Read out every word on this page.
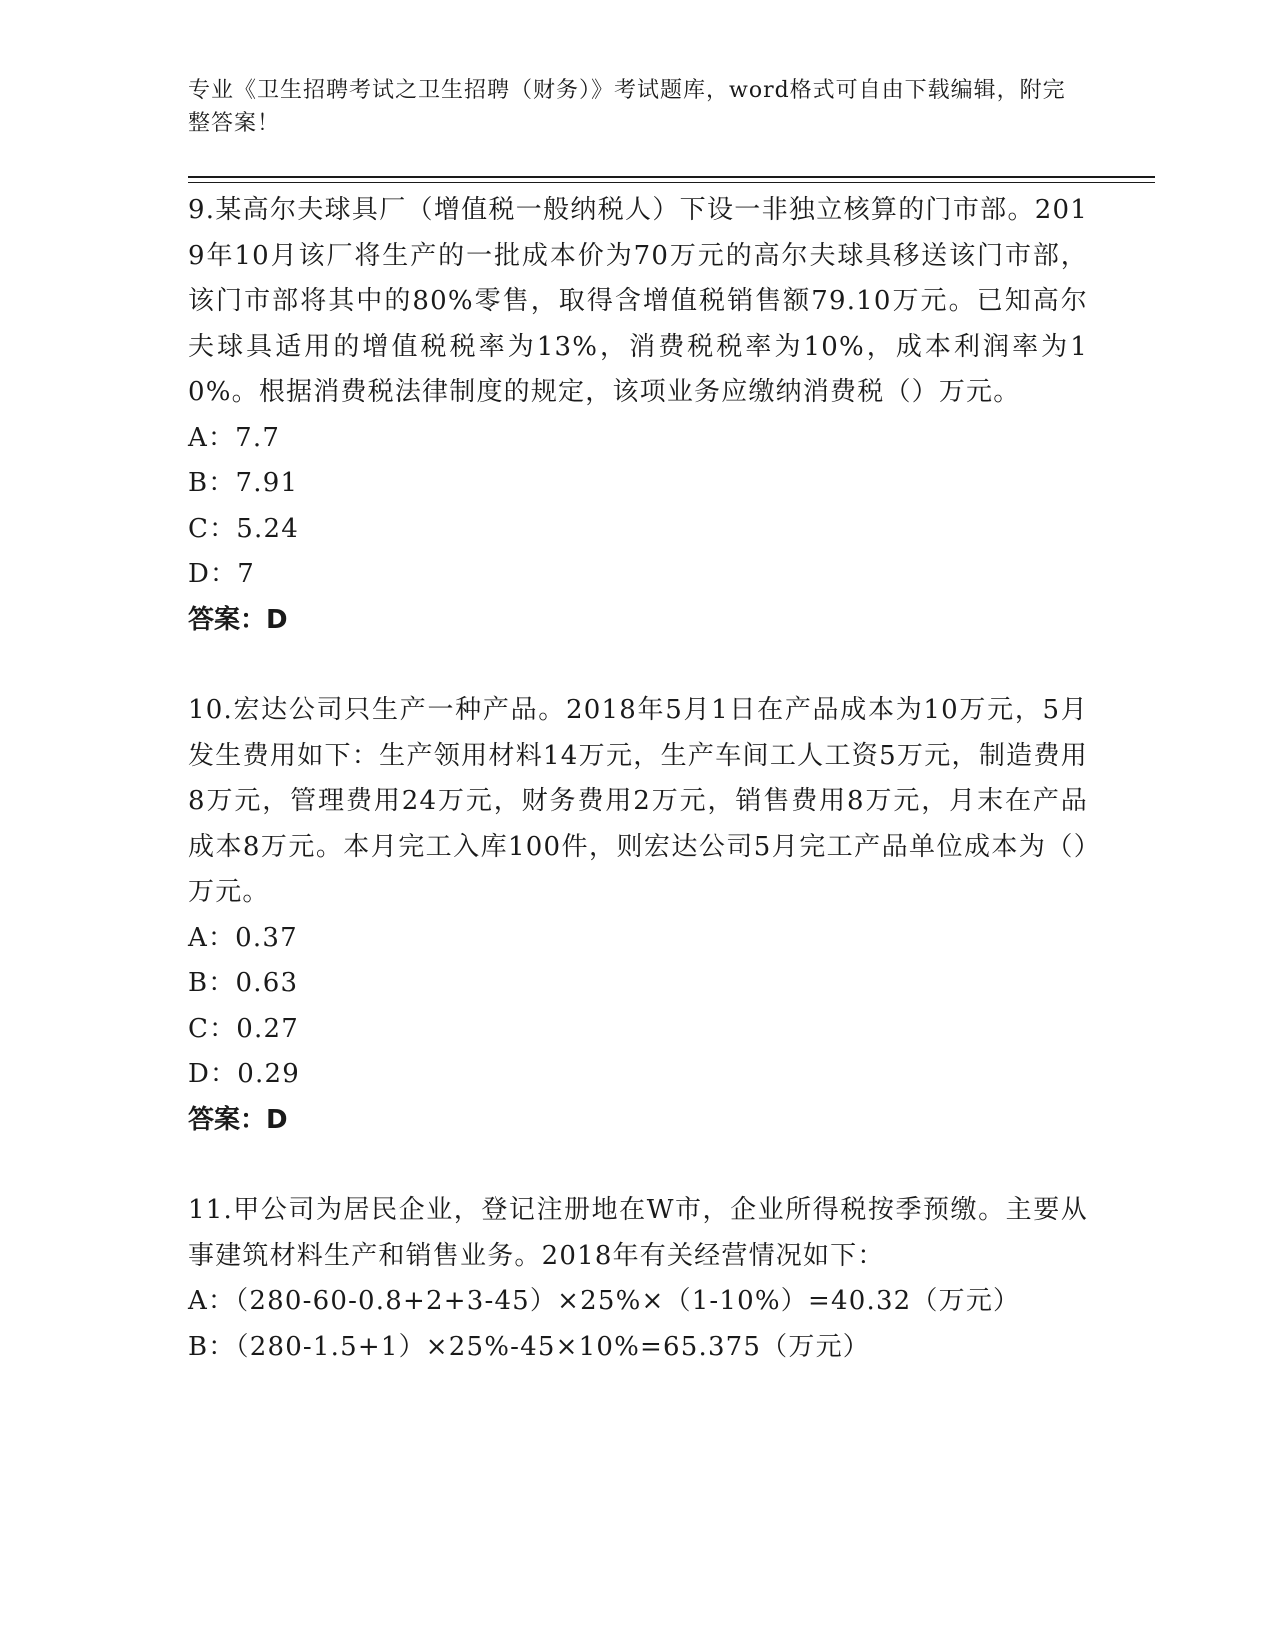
专业《卫生招聘考试之卫生招聘（财务）》考试题库，word格式可自由下载编辑，附完整答案！
9.某高尔夫球具厂（增值税一般纳税人）下设一非独立核算的门市部。2019年10月该厂将生产的一批成本价为70万元的高尔夫球具移送该门市部，该门市部将其中的80%零售，取得含增值税销售额79.10万元。已知高尔夫球具适用的增值税税率为13%，消费税税率为10%，成本利润率为10%。根据消费税法律制度的规定，该项业务应缴纳消费税（）万元。
A：7.7
B：7.91
C：5.24
D：7
答案：D
10.宏达公司只生产一种产品。2018年5月1日在产品成本为10万元，5月发生费用如下：生产领用材料14万元，生产车间工人工资5万元，制造费用8万元，管理费用24万元，财务费用2万元，销售费用8万元，月末在产品成本8万元。本月完工入库100件，则宏达公司5月完工产品单位成本为（）万元。
A：0.37
B：0.63
C：0.27
D：0.29
答案：D
11.甲公司为居民企业，登记注册地在W市，企业所得税按季预缴。主要从事建筑材料生产和销售业务。2018年有关经营情况如下：
A：（280-60-0.8+2+3-45）×25%×（1-10%）=40.32（万元）
B：（280-1.5+1）×25%-45×10%=65.375（万元）
